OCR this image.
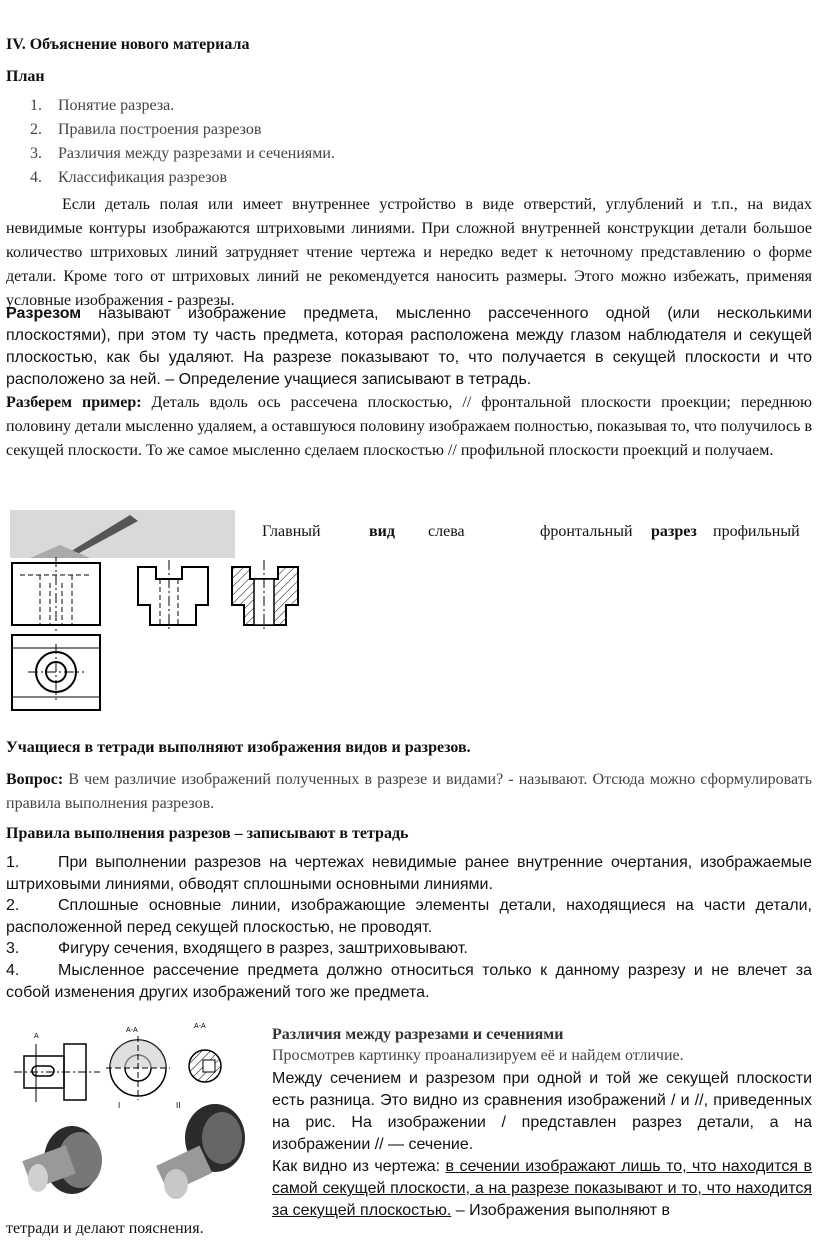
IV. Объяснение нового материала
План
1. Понятие разреза.
2. Правила построения разрезов
3. Различия между разрезами и сечениями.
4. Классификация разрезов
Если деталь полая или имеет внутреннее устройство в виде отверстий, углублений и т.п., на видах невидимые контуры изображаются штриховыми линиями. При сложной внутренней конструкции детали большое количество штриховых линий затрудняет чтение чертежа и нередко ведет к неточному представлению о форме детали. Кроме того от штриховых линий не рекомендуется наносить размеры. Этого можно избежать, применяя условные изображения - разрезы.
Разрезом называют изображение предмета, мысленно рассеченного одной (или несколькими плоскостями), при этом ту часть предмета, которая расположена между глазом наблюдателя и секущей плоскостью, как бы удаляют. На разрезе показывают то, что получается в секущей плоскости и что расположено за ней. – Определение учащиеся записывают в тетрадь.
Разберем пример: Деталь вдоль ось рассечена плоскостью, // фронтальной плоскости проекции; переднюю половину детали мысленно удаляем, а оставшуюся половину изображаем полностью, показывая то, что получилось в секущей плоскости. То же самое мысленно сделаем плоскостью // профильной плоскости проекций и получаем.
Главный	вид слева	фронтальный разрез профильный
Учащиеся в тетради выполняют изображения видов и разрезов.
Вопрос: В чем различие изображений полученных в разрезе и видами? - называют. Отсюда можно сформулировать правила выполнения разрезов.
Правила выполнения разрезов – записывают в тетрадь
1. При выполнении разрезов на чертежах невидимые ранее внутренние очертания, изображаемые штриховыми линиями, обводят сплошными основными линиями.
2. Сплошные основные линии, изображающие элементы детали, находящиеся на части детали, расположенной перед секущей плоскостью, не проводят.
3. Фигуру сечения, входящего в разрез, заштриховывают.
4. Мысленное рассечение предмета должно относиться только к данному разрезу и не влечет за собой изменения других изображений того же предмета.
А-А
А-А
А
II
I
Различия между разрезами и сечениями
Просмотрев картинку проанализируем её и найдем отличие.
Между сечением и разрезом при одной и той же секущей плоскости есть разница. Это видно из сравнения изображений / и //, приведенных на рис. На изображении / представлен разрез детали, а на изображении // — сечение.
Как видно из чертежа: в сечении изображают лишь то, что находится в самой секущей плоскости, а на разрезе показывают и то, что находится за секущей плоскостью. – Изображения выполняют в
тетради и делают пояснения.
